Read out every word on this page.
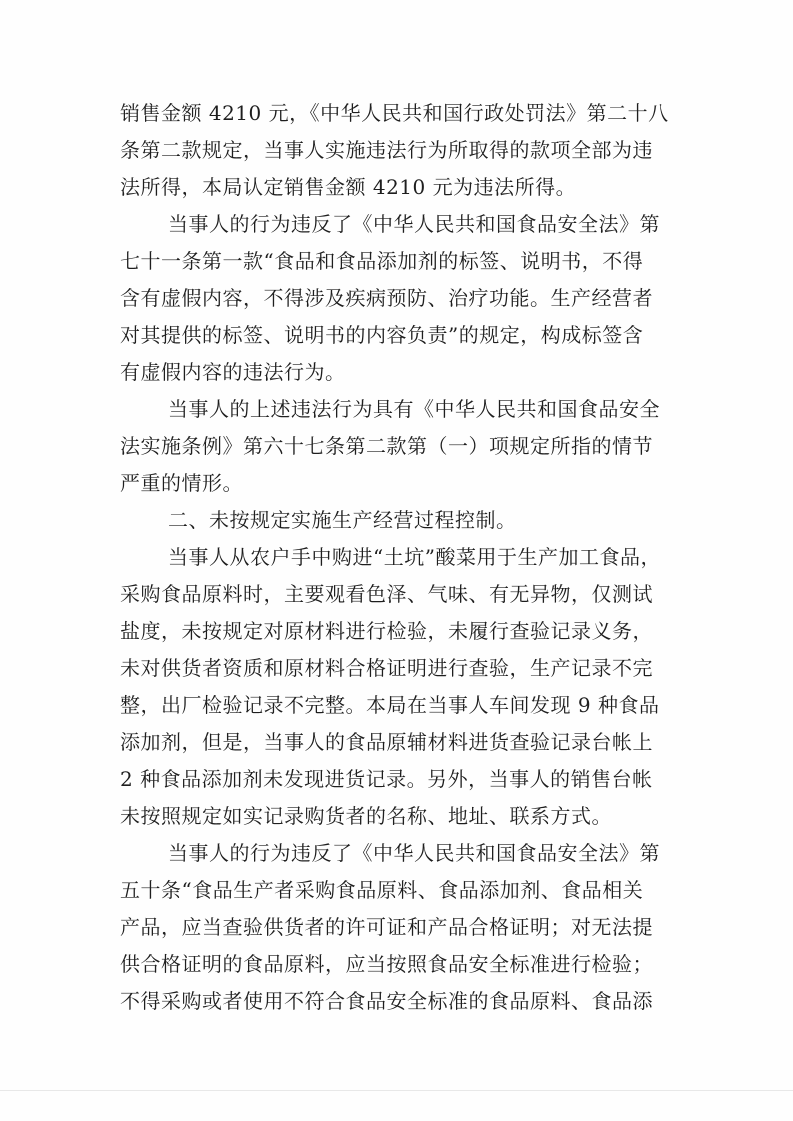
销售金额 4210 元，《中华人民共和国行政处罚法》第二十八
条第二款规定，当事人实施违法行为所取得的款项全部为违
法所得，本局认定销售金额 4210 元为违法所得。
当事人的行为违反了《中华人民共和国食品安全法》第
七十一条第一款“食品和食品添加剂的标签、说明书，不得
含有虚假内容，不得涉及疾病预防、治疗功能。生产经营者
对其提供的标签、说明书的内容负责”的规定，构成标签含
有虚假内容的违法行为。
当事人的上述违法行为具有《中华人民共和国食品安全
法实施条例》第六十七条第二款第（一）项规定所指的情节
严重的情形。
二、未按规定实施生产经营过程控制。
当事人从农户手中购进“土坑”酸菜用于生产加工食品，
采购食品原料时，主要观看色泽、气味、有无异物，仅测试
盐度，未按规定对原材料进行检验，未履行查验记录义务，
未对供货者资质和原材料合格证明进行查验，生产记录不完
整，出厂检验记录不完整。本局在当事人车间发现 9 种食品
添加剂，但是，当事人的食品原辅材料进货查验记录台帐上
2 种食品添加剂未发现进货记录。另外，当事人的销售台帐
未按照规定如实记录购货者的名称、地址、联系方式。
当事人的行为违反了《中华人民共和国食品安全法》第
五十条“食品生产者采购食品原料、食品添加剂、食品相关
产品，应当查验供货者的许可证和产品合格证明；对无法提
供合格证明的食品原料，应当按照食品安全标准进行检验；
不得采购或者使用不符合食品安全标准的食品原料、食品添
